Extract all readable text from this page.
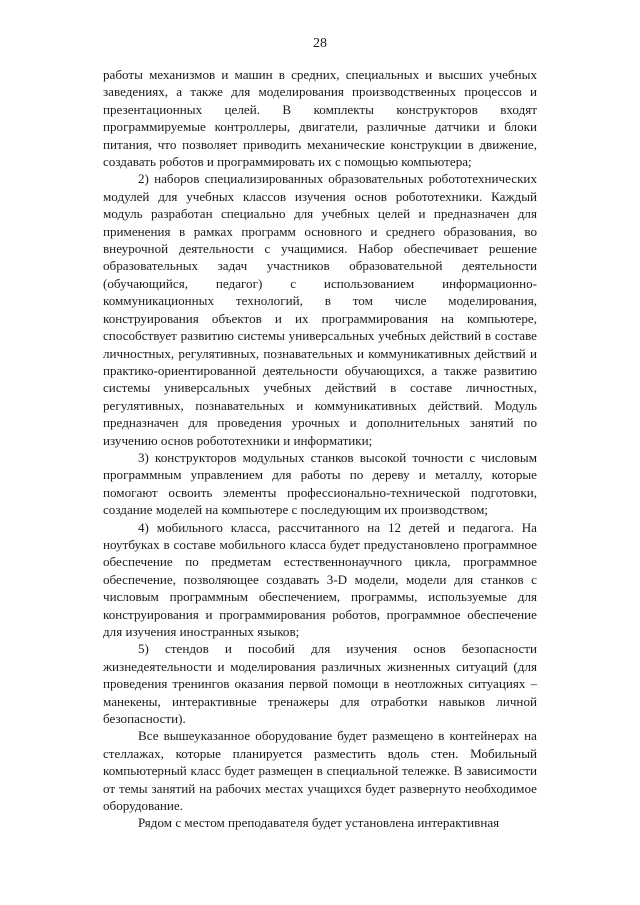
28

работы механизмов и машин в средних, специальных и высших учебных заведениях, а также для моделирования производственных процессов и презентационных целей. В комплекты конструкторов входят программируемые контроллеры, двигатели, различные датчики и блоки питания, что позволяет приводить механические конструкции в движение, создавать роботов и программировать их с помощью компьютера;

2) наборов специализированных образовательных робототехнических модулей для учебных классов изучения основ робототехники. Каждый модуль разработан специально для учебных целей и предназначен для применения в рамках программ основного и среднего образования, во внеурочной деятельности с учащимися. Набор обеспечивает решение образовательных задач участников образовательной деятельности (обучающийся, педагог) с использованием информационно-коммуникационных технологий, в том числе моделирования, конструирования объектов и их программирования на компьютере, способствует развитию системы универсальных учебных действий в составе личностных, регулятивных, познавательных и коммуникативных действий и практико-ориентированной деятельности обучающихся, а также развитию системы универсальных учебных действий в составе личностных, регулятивных, познавательных и коммуникативных действий. Модуль предназначен для проведения урочных и дополнительных занятий по изучению основ робототехники и информатики;

3) конструкторов модульных станков высокой точности с числовым программным управлением для работы по дереву и металлу, которые помогают освоить элементы профессионально-технической подготовки, создание моделей на компьютере с последующим их производством;

4) мобильного класса, рассчитанного на 12 детей и педагога. На ноутбуках в составе мобильного класса будет предустановлено программное обеспечение по предметам естественнонаучного цикла, программное обеспечение, позволяющее создавать 3-D модели, модели для станков с числовым программным обеспечением, программы, используемые для конструирования и программирования роботов, программное обеспечение для изучения иностранных языков;

5) стендов и пособий для изучения основ безопасности жизнедеятельности и моделирования различных жизненных ситуаций (для проведения тренингов оказания первой помощи в неотложных ситуациях – манекены, интерактивные тренажеры для отработки навыков личной безопасности).

Все вышеуказанное оборудование будет размещено в контейнерах на стеллажах, которые планируется разместить вдоль стен. Мобильный компьютерный класс будет размещен в специальной тележке. В зависимости от темы занятий на рабочих местах учащихся будет развернуто необходимое оборудование.

Рядом с местом преподавателя будет установлена интерактивная
